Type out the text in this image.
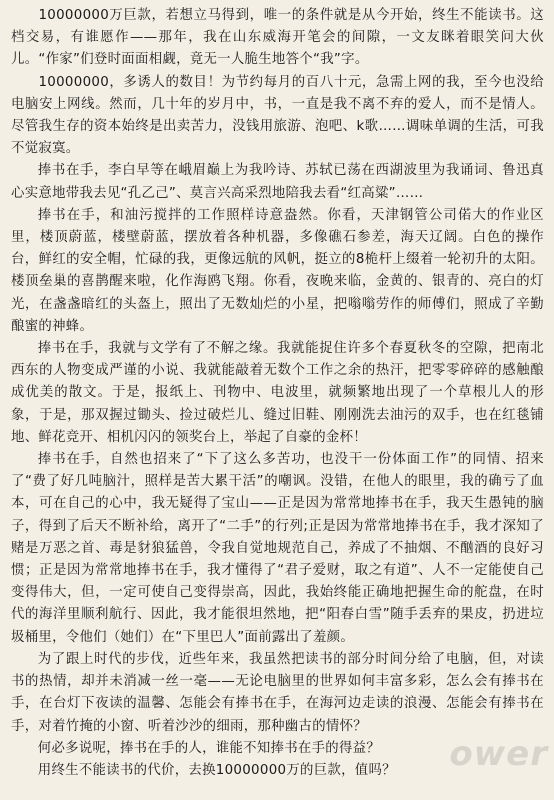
10000000万巨款，若想立马得到，唯一的条件就是从今开始，终生不能读书。这档交易，有谁愿作——那年，我在山东威海开笔会的间隙，一文友眯着眼笑问大伙儿。“作家”们登时面面相觑，竟无一人脆生地答个“我”字。

10000000，多诱人的数目！为节约每月的百八十元，急需上网的我，至今也没给电脑安上网线。然而，几十年的岁月中，书，一直是我不离不弃的爱人，而不是情人。尽管我生存的资本始终是出卖苦力，没钱用旅游、泡吧、k歌……调味单调的生活，可我不觉寂寞。

捧书在手，李白早等在峨眉巅上为我吟诗、苏轼已荡在西湖波里为我诵词、鲁迅真心实意地带我去见“孔乙己”、莫言兴高采烈地陪我去看“红高粱”……

捧书在手，和油污搅拌的工作照样诗意盎然。你看，天津钢管公司偌大的作业区里，楼顶蔚蓝，楼壁蔚蓝，摆放着各种机器，多像礁石参差，海天辽阔。白色的操作台，鲜红的安全帽，忙碌的我，更像远航的风帆，挺立的8桅杆上缀着一轮初升的太阳。楼顶垒巢的喜鹊醒来啦，化作海鸥飞翔。你看，夜晚来临，金黄的、银青的、亮白的灯光，在盏盏暗红的头盔上，照出了无数灿烂的小星，把嗡嗡劳作的师傅们，照成了辛勤酿蜜的神蜂。

捧书在手，我就与文学有了不解之缘。我就能捉住许多个春夏秋冬的空隙，把南北西东的人物变成严谨的小说、我就能敲着无数个工作之余的热汗，把零零碎碎的感触酿成优美的散文。于是，报纸上、刊物中、电波里，就频繁地出现了一个草根儿人的形象，于是，那双握过锄头、捡过破烂儿、缝过旧鞋、刚刚洗去油污的双手，也在红毯铺地、鲜花竞开、相机闪闪的领奖台上，举起了自豪的金杯！

捧书在手，自然也招来了“下了这么多苦功，也没干一份体面工作”的同情、招来了“费了好几吨脑汁，照样是苦大累干活”的嘲讽。没错，在他人的眼里，我的确亏了血本，可在自己的心中，我无疑得了宝山——正是因为常常地捧书在手，我天生愚钝的脑子，得到了后天不断补给，离开了“二手”的行列;正是因为常常地捧书在手，我才深知了赌是万恶之首、毒是豺狼猛兽，令我自觉地规范自己，养成了不抽烟、不酗酒的良好习惯；正是因为常常地捧书在手，我才懂得了“君子爱财，取之有道”、人不一定能使自己变得伟大，但，一定可使自己变得崇高，因此，我始终能正确地把握生命的舵盘，在时代的海洋里顺利航行、因此，我才能很坦然地，把“阳春白雪”随手丢弃的果皮，扔进垃圾桶里，令他们（她们）在“下里巴人”面前露出了羞颜。

为了跟上时代的步伐，近些年来，我虽然把读书的部分时间分给了电脑，但，对读书的热情，却并未消减一丝一毫——无论电脑里的世界如何丰富多彩，怎么会有捧书在手，在台灯下夜读的温馨、怎能会有捧书在手，在海河边走读的浪漫、怎能会有捧书在手，对着竹掩的小窗、听着沙沙的细雨，那种幽古的情怀？

何必多说呢，捧书在手的人，谁能不知捧书在手的得益？

用终生不能读书的代价，去换10000000万的巨款，值吗？	ower
